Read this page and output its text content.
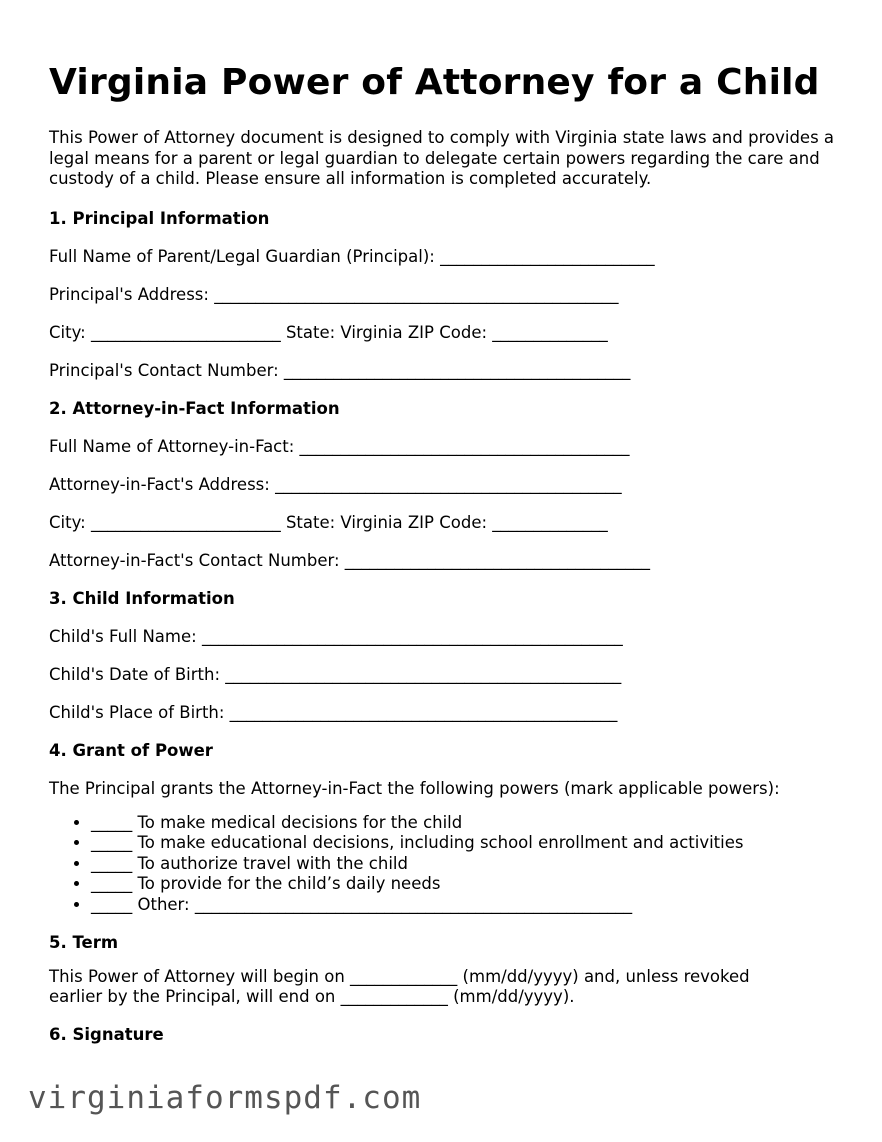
Virginia Power of Attorney for a Child

This Power of Attorney document is designed to comply with Virginia state laws and provides a legal means for a parent or legal guardian to delegate certain powers regarding the care and custody of a child. Please ensure all information is completed accurately.

1. Principal Information
Full Name of Parent/Legal Guardian (Principal): __________________________
Principal's Address: _________________________________________________
City: _______________________ State: Virginia ZIP Code: ______________
Principal's Contact Number: __________________________________________
2. Attorney-in-Fact Information
Full Name of Attorney-in-Fact: ________________________________________
Attorney-in-Fact's Address: __________________________________________
City: _______________________ State: Virginia ZIP Code: ______________
Attorney-in-Fact's Contact Number: _____________________________________
3. Child Information
Child's Full Name: ___________________________________________________
Child's Date of Birth: ________________________________________________
Child's Place of Birth: _______________________________________________
4. Grant of Power
The Principal grants the Attorney-in-Fact the following powers (mark applicable powers):
• _____ To make medical decisions for the child
• _____ To make educational decisions, including school enrollment and activities
• _____ To authorize travel with the child
• _____ To provide for the child’s daily needs
• _____ Other: _____________________________________________________
5. Term
This Power of Attorney will begin on _____________ (mm/dd/yyyy) and, unless revoked
earlier by the Principal, will end on _____________ (mm/dd/yyyy).
6. Signature
virginiaformspdf.com
